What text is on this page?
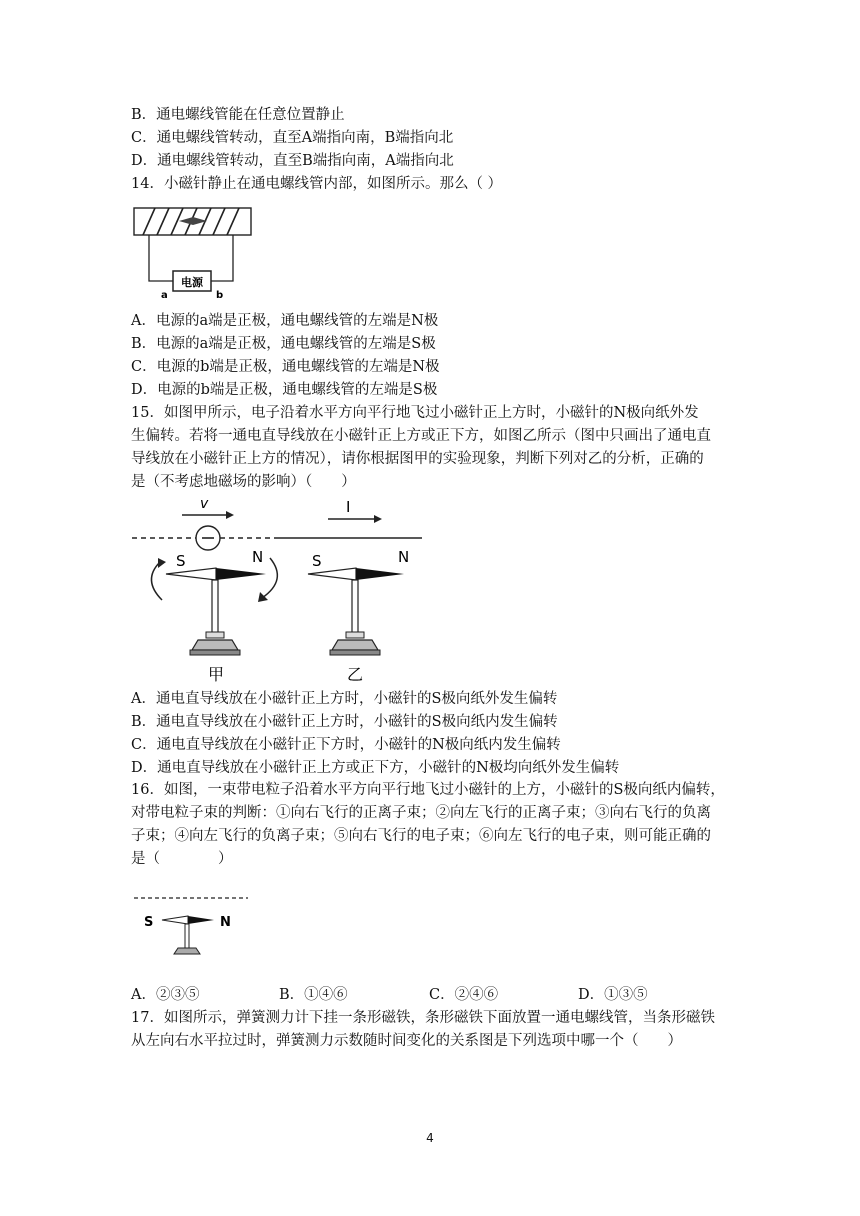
B．通电螺线管能在任意位置静止
C．通电螺线管转动，直至A端指向南，B端指向北
D．通电螺线管转动，直至B端指向南，A端指向北
14．小磁针静止在通电螺线管内部，如图所示。那么（ ）
电源
a	b
A．电源的a端是正极，通电螺线管的左端是N极
B．电源的a端是正极，通电螺线管的左端是S极
C．电源的b端是正极，通电螺线管的左端是N极
D．电源的b端是正极，通电螺线管的左端是S极
15．如图甲所示，电子沿着水平方向平行地飞过小磁针正上方时，小磁针的N极向纸外发
生偏转。若将一通电直导线放在小磁针正上方或正下方，如图乙所示（图中只画出了通电直
导线放在小磁针正上方的情况），请你根据图甲的实验现象，判断下列对乙的分析，正确的
是（不考虑地磁场的影响）（　　）
v	I
S	N	S	N
甲	乙
A．通电直导线放在小磁针正上方时，小磁针的S极向纸外发生偏转
B．通电直导线放在小磁针正上方时，小磁针的S极向纸内发生偏转
C．通电直导线放在小磁针正下方时，小磁针的N极向纸内发生偏转
D．通电直导线放在小磁针正上方或正下方，小磁针的N极均向纸外发生偏转
16．如图，一束带电粒子沿着水平方向平行地飞过小磁针的上方，小磁针的S极向纸内偏转，
对带电粒子束的判断：①向右飞行的正离子束；②向左飞行的正离子束；③向右飞行的负离
子束；④向左飞行的负离子束；⑤向右飞行的电子束；⑥向左飞行的电子束，则可能正确的
是（　　　　）
S	N
A．②③⑤	B．①④⑥	C．②④⑥	D．①③⑤
17．如图所示，弹簧测力计下挂一条形磁铁，条形磁铁下面放置一通电螺线管，当条形磁铁
从左向右水平拉过时，弹簧测力示数随时间变化的关系图是下列选项中哪一个（　　）
4
